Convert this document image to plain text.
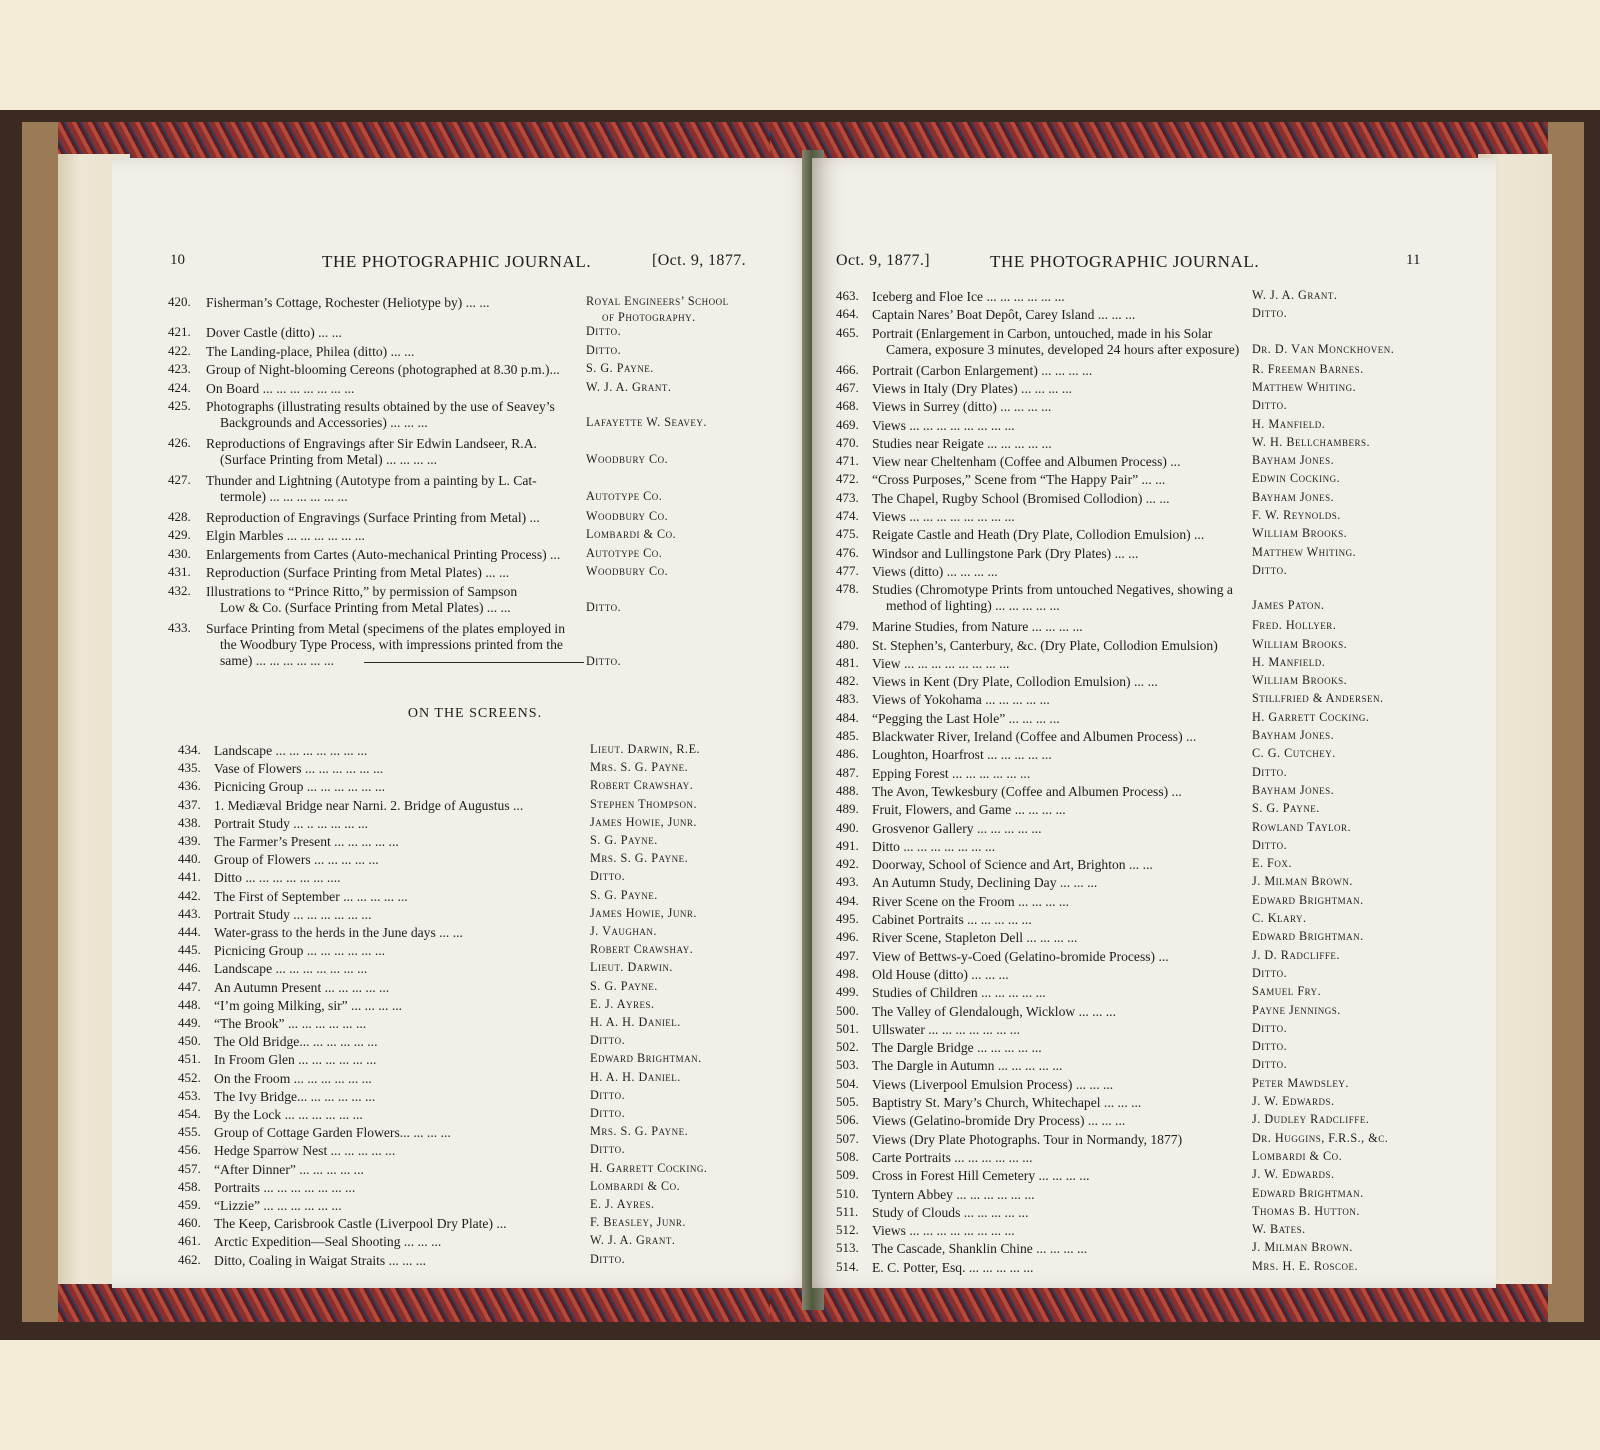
10	THE PHOTOGRAPHIC JOURNAL.	[Oct. 9, 1877.
420. Fisherman’s Cottage, Rochester (Heliotype by) ... ...	Royal Engineers’ School
of Photography.
421. Dover Castle (ditto) ... ...	Ditto.
422. The Landing-place, Philea (ditto) ... ...	Ditto.
423. Group of Night-blooming Cereons (photographed at 8.30 p.m.)...	S. G. Payne.
424. On Board ... ... ... ... ... ... ...	W. J. A. Grant.
425. Photographs (illustrating results obtained by the use of Seavey’s
Backgrounds and Accessories) ... ... ...	Lafayette W. Seavey.
426. Reproductions of Engravings after Sir Edwin Landseer, R.A.
(Surface Printing from Metal) ... ... ... ...	Woodbury Co.
427. Thunder and Lightning (Autotype from a painting by L. Cat-
termole) ... ... ... ... ... ...	Autotype Co.
428. Reproduction of Engravings (Surface Printing from Metal) ...	Woodbury Co.
429. Elgin Marbles ... ... ... ... ... ...	Lombardi & Co.
430. Enlargements from Cartes (Auto-mechanical Printing Process) ...	Autotype Co.
431. Reproduction (Surface Printing from Metal Plates) ... ...	Woodbury Co.
432. Illustrations to “Prince Ritto,” by permission of Sampson
Low & Co. (Surface Printing from Metal Plates) ... ...	Ditto.
433. Surface Printing from Metal (specimens of the plates employed in
the Woodbury Type Process, with impressions printed from the
same) ... ... ... ... ... ...	Ditto.
ON THE SCREENS.
434. Landscape ... ... ... ... ... ... ...	Lieut. Darwin, R.E.
435. Vase of Flowers ... ... ... ... ... ...	Mrs. S. G. Payne.
436. Picnicing Group ... ... ... ... ... ...	Robert Crawshay.
437. 1. Mediæval Bridge near Narni. 2. Bridge of Augustus ...	Stephen Thompson.
438. Portrait Study ... .. ... ... ... ...	James Howie, Junr.
439. The Farmer’s Present ... ... ... ... ...	S. G. Payne.
440. Group of Flowers ... ... ... ... ...	Mrs. S. G. Payne.
441. Ditto ... ... ... ... ... ... ....	Ditto.
442. The First of September ... ... ... ... ...	S. G. Payne.
443. Portrait Study ... ... ... ... ... ...	James Howie, Junr.
444. Water-grass to the herds in the June days ... ...	J. Vaughan.
445. Picnicing Group ... ... ... ... ... ...	Robert Crawshay.
446. Landscape ... ... ... ... ... ... ...	Lieut. Darwin.
447. An Autumn Present ... ... ... ... ...	S. G. Payne.
448. “I’m going Milking, sir” ... ... ... ...	E. J. Ayres.
449. “The Brook” ... ... ... ... ... ...	H. A. H. Daniel.
450. The Old Bridge... ... ... ... ... ...	Ditto.
451. In Froom Glen ... ... ... ... ... ...	Edward Brightman.
452. On the Froom ... ... ... ... ... ...	H. A. H. Daniel.
453. The Ivy Bridge... ... ... ... ... ...	Ditto.
454. By the Lock ... ... ... ... ... ...	Ditto.
455. Group of Cottage Garden Flowers... ... ... ...	Mrs. S. G. Payne.
456. Hedge Sparrow Nest ... ... ... ... ...	Ditto.
457. “After Dinner” ... ... ... ... ...	H. Garrett Cocking.
458. Portraits ... ... ... ... ... ... ...	Lombardi & Co.
459. “Lizzie” ... ... ... ... ... ...	E. J. Ayres.
460. The Keep, Carisbrook Castle (Liverpool Dry Plate) ...	F. Beasley, Junr.
461. Arctic Expedition—Seal Shooting ... ... ...	W. J. A. Grant.
462. Ditto, Coaling in Waigat Straits ... ... ...	Ditto.
Oct. 9, 1877.]	THE PHOTOGRAPHIC JOURNAL.	11
463. Iceberg and Floe Ice ... ... ... ... ... ...	W. J. A. Grant.
464. Captain Nares’ Boat Depôt, Carey Island ... ... ...	Ditto.
465. Portrait (Enlargement in Carbon, untouched, made in his Solar
Camera, exposure 3 minutes, developed 24 hours after exposure)	Dr. D. Van Monckhoven.
466. Portrait (Carbon Enlargement) ... ... ... ...	R. Freeman Barnes.
467. Views in Italy (Dry Plates) ... ... ... ...	Matthew Whiting.
468. Views in Surrey (ditto) ... ... ... ...	Ditto.
469. Views ... ... ... ... ... ... ... ...	H. Manfield.
470. Studies near Reigate ... ... ... ... ...	W. H. Bellchambers.
471. View near Cheltenham (Coffee and Albumen Process) ...	Bayham Jones.
472. “Cross Purposes,” Scene from “The Happy Pair” ... ...	Edwin Cocking.
473. The Chapel, Rugby School (Bromised Collodion) ... ...	Bayham Jones.
474. Views ... ... ... ... ... ... ... ...	F. W. Reynolds.
475. Reigate Castle and Heath (Dry Plate, Collodion Emulsion) ...	William Brooks.
476. Windsor and Lullingstone Park (Dry Plates) ... ...	Matthew Whiting.
477. Views (ditto) ... ... ... ...	Ditto.
478. Studies (Chromotype Prints from untouched Negatives, showing a
method of lighting) ... ... ... ... ...	James Paton.
479. Marine Studies, from Nature ... ... ... ...	Fred. Hollyer.
480. St. Stephen’s, Canterbury, &c. (Dry Plate, Collodion Emulsion)	William Brooks.
481. View ... ... ... ... ... ... ... ...	H. Manfield.
482. Views in Kent (Dry Plate, Collodion Emulsion) ... ...	William Brooks.
483. Views of Yokohama ... ... ... ... ...	Stillfried & Andersen.
484. “Pegging the Last Hole” ... ... ... ...	H. Garrett Cocking.
485. Blackwater River, Ireland (Coffee and Albumen Process) ...	Bayham Jones.
486. Loughton, Hoarfrost ... ... ... ... ...	C. G. Cutchey.
487. Epping Forest ... ... ... ... ... ...	Ditto.
488. The Avon, Tewkesbury (Coffee and Albumen Process) ...	Bayham Jones.
489. Fruit, Flowers, and Game ... ... ... ...	S. G. Payne.
490. Grosvenor Gallery ... ... ... ... ...	Rowland Taylor.
491. Ditto ... ... ... ... ... ... ...	Ditto.
492. Doorway, School of Science and Art, Brighton ... ...	E. Fox.
493. An Autumn Study, Declining Day ... ... ...	J. Milman Brown.
494. River Scene on the Froom ... ... ... ...	Edward Brightman.
495. Cabinet Portraits ... ... ... ... ...	C. Klary.
496. River Scene, Stapleton Dell ... ... ... ...	Edward Brightman.
497. View of Bettws-y-Coed (Gelatino-bromide Process) ...	J. D. Radcliffe.
498. Old House (ditto) ... ... ...	Ditto.
499. Studies of Children ... ... ... ... ...	Samuel Fry.
500. The Valley of Glendalough, Wicklow ... ... ...	Payne Jennings.
501. Ullswater ... ... ... ... ... ... ...	Ditto.
502. The Dargle Bridge ... ... ... ... ...	Ditto.
503. The Dargle in Autumn ... ... ... ... ...	Ditto.
504. Views (Liverpool Emulsion Process) ... ... ...	Peter Mawdsley.
505. Baptistry St. Mary’s Church, Whitechapel ... ... ...	J. W. Edwards.
506. Views (Gelatino-bromide Dry Process) ... ... ...	J. Dudley Radcliffe.
507. Views (Dry Plate Photographs. Tour in Normandy, 1877)	Dr. Huggins, F.R.S., &c.
508. Carte Portraits ... ... ... ... ... ...	Lombardi & Co.
509. Cross in Forest Hill Cemetery ... ... ... ...	J. W. Edwards.
510. Tyntern Abbey ... ... ... ... ... ...	Edward Brightman.
511. Study of Clouds ... ... ... ... ...	Thomas B. Hutton.
512. Views ... ... ... ... ... ... ... ...	W. Bates.
513. The Cascade, Shanklin Chine ... ... ... ...	J. Milman Brown.
514. E. C. Potter, Esq. ... ... ... ... ...	Mrs. H. E. Roscoe.
